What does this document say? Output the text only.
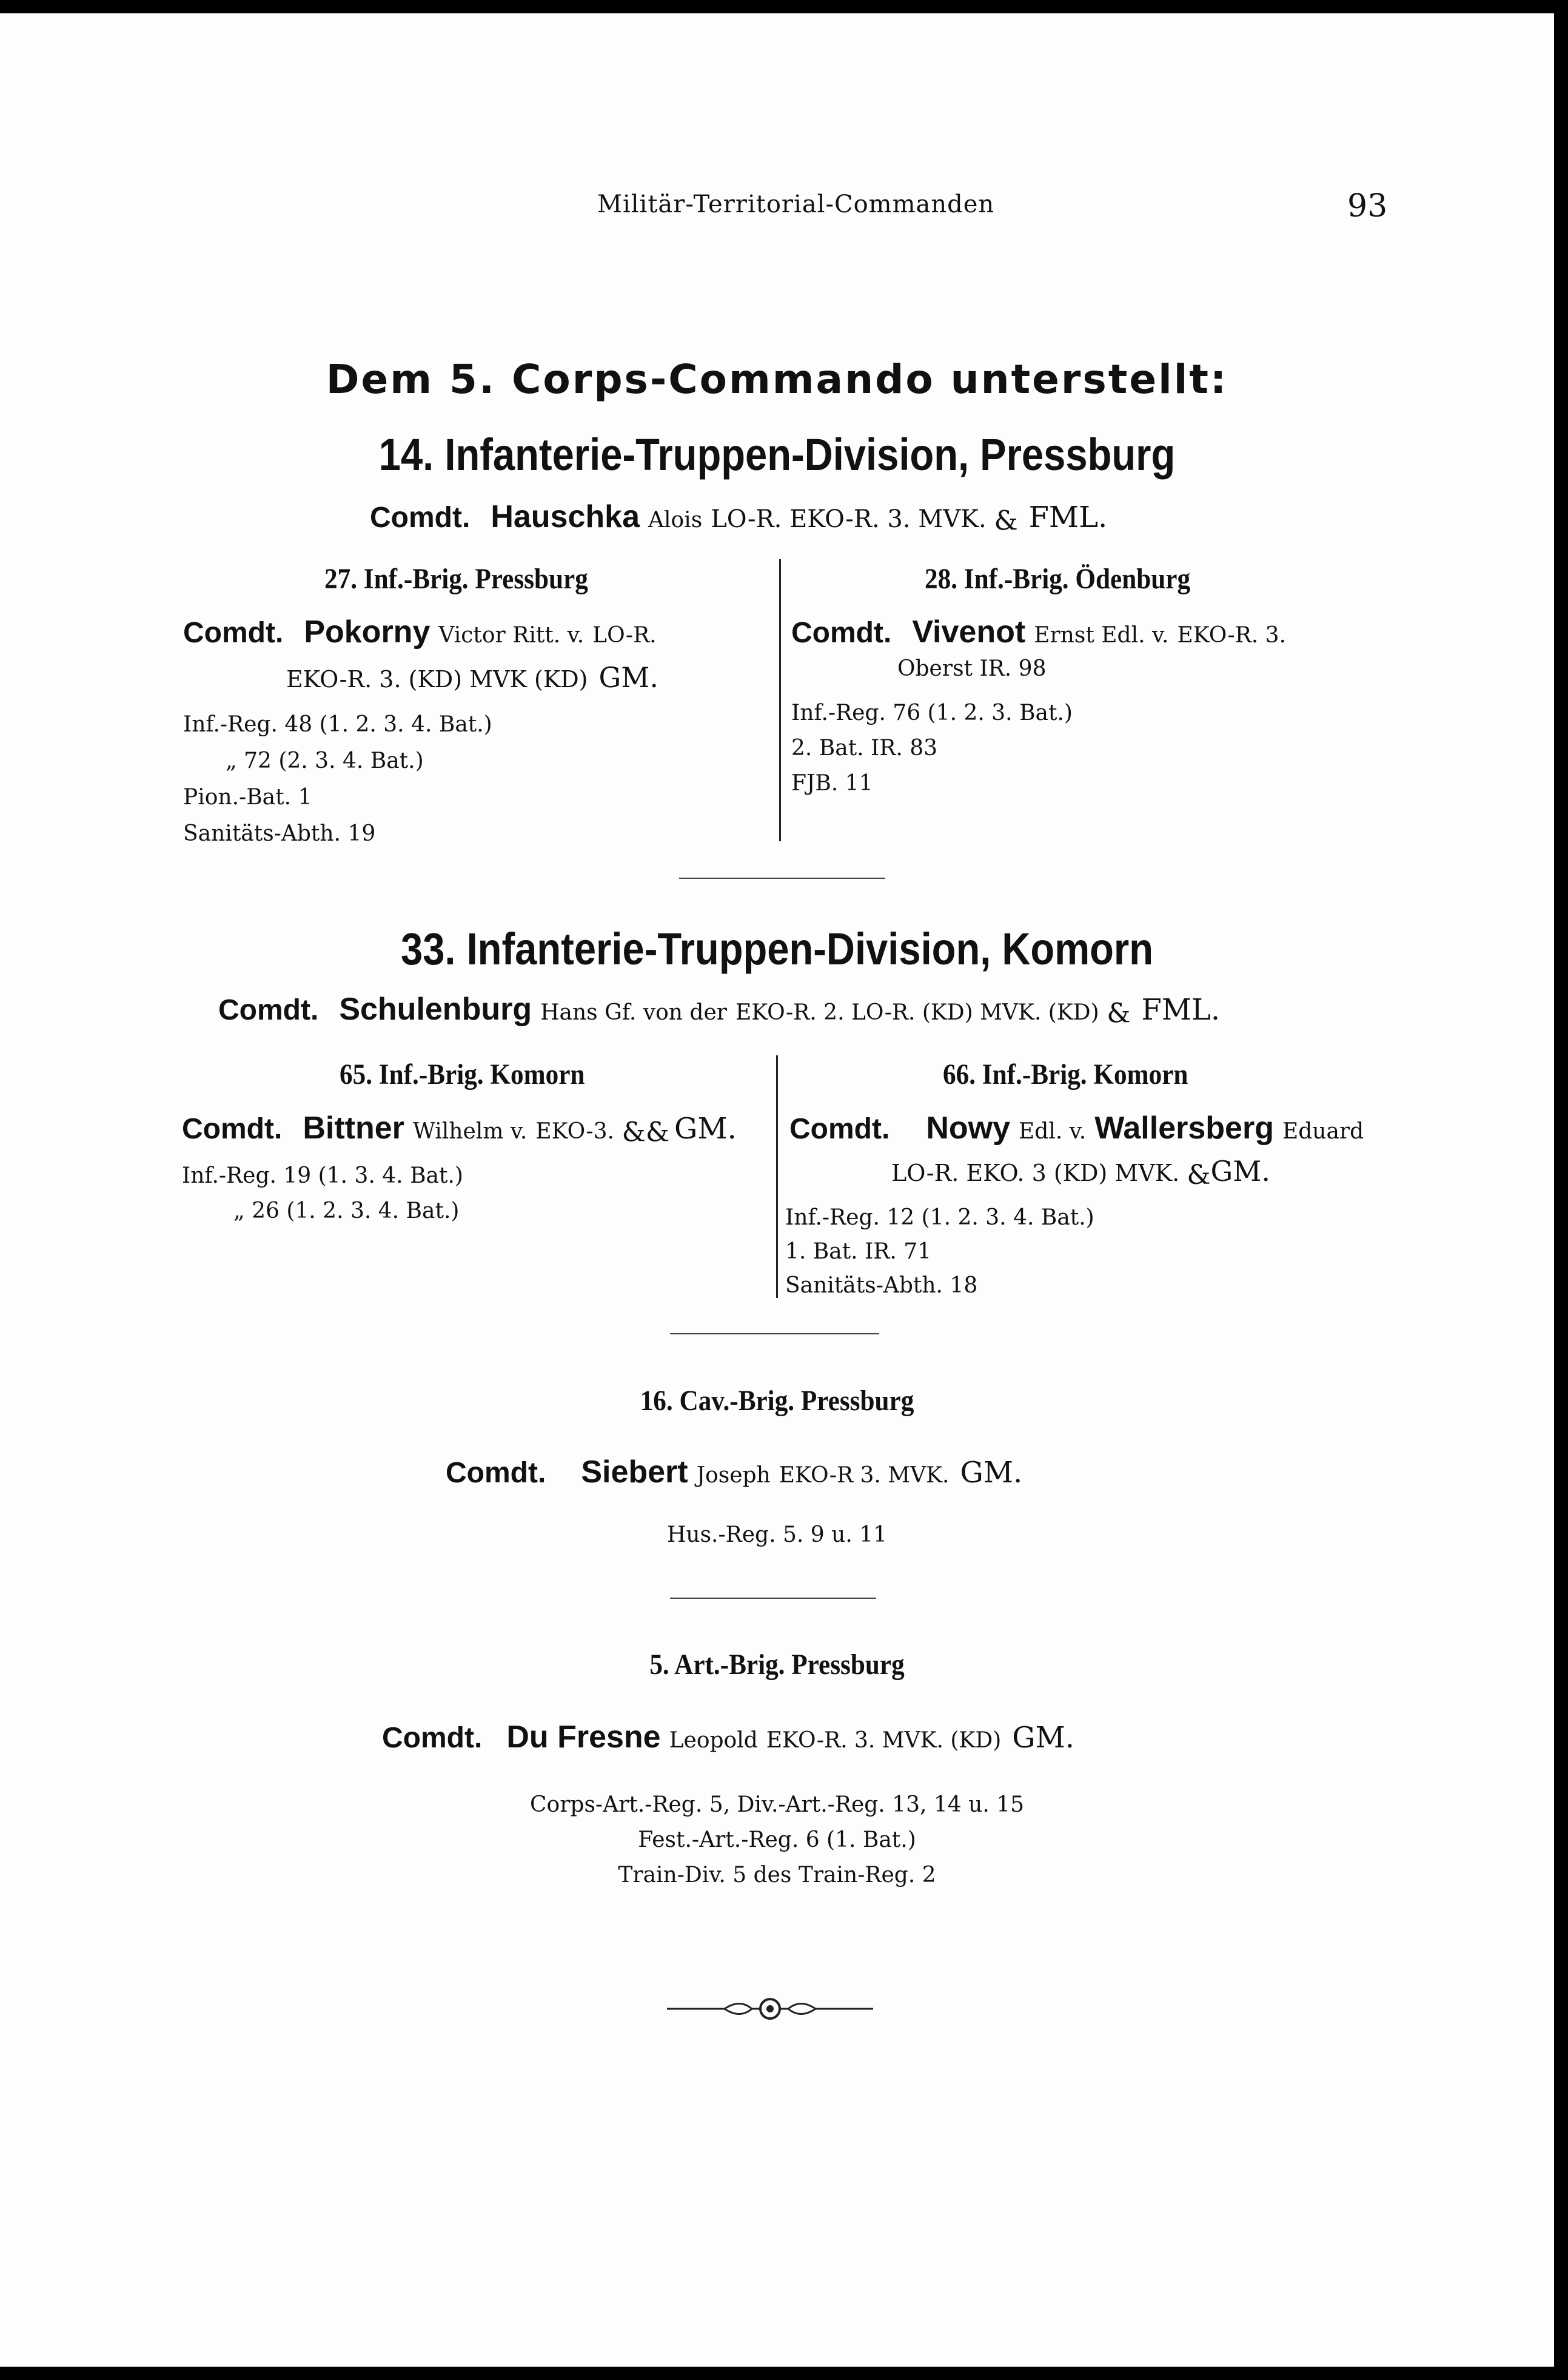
Militär-Territorial-Commanden	93
Dem 5. Corps-Commando unterstellt:
14. Infanterie-Truppen-Division, Pressburg
Comdt. Hauschka Alois LO-R. EKO-R. 3. MVK. & FML.
27. Inf.-Brig. Pressburg
Comdt. Pokorny Victor Ritt. v. LO-R.
EKO-R. 3. (KD) MVK (KD) GM.
Inf.-Reg. 48 (1. 2. 3. 4. Bat.)
„ 72 (2. 3. 4. Bat.)
Pion.-Bat. 1
Sanitäts-Abth. 19
28. Inf.-Brig. Ödenburg
Comdt. Vivenot Ernst Edl. v. EKO-R. 3.
Oberst IR. 98
Inf.-Reg. 76 (1. 2. 3. Bat.)
2. Bat. IR. 83
FJB. 11
33. Infanterie-Truppen-Division, Komorn
Comdt. Schulenburg Hans Gf. von der EKO-R. 2. LO-R. (KD) MVK. (KD) & FML.
65. Inf.-Brig. Komorn
Comdt. Bittner Wilhelm v. EKO-3. && GM.
Inf.-Reg. 19 (1. 3. 4. Bat.)
„ 26 (1. 2. 3. 4. Bat.)
66. Inf.-Brig. Komorn
Comdt. Nowy Edl. v. Wallersberg Eduard
LO-R. EKO. 3 (KD) MVK. &GM.
Inf.-Reg. 12 (1. 2. 3. 4. Bat.)
1. Bat. IR. 71
Sanitäts-Abth. 18
16. Cav.-Brig. Pressburg
Comdt. Siebert Joseph EKO-R 3. MVK. GM.
Hus.-Reg. 5. 9 u. 11
5. Art.-Brig. Pressburg
Comdt. Du Fresne Leopold EKO-R. 3. MVK. (KD) GM.
Corps-Art.-Reg. 5, Div.-Art.-Reg. 13, 14 u. 15
Fest.-Art.-Reg. 6 (1. Bat.)
Train-Div. 5 des Train-Reg. 2
